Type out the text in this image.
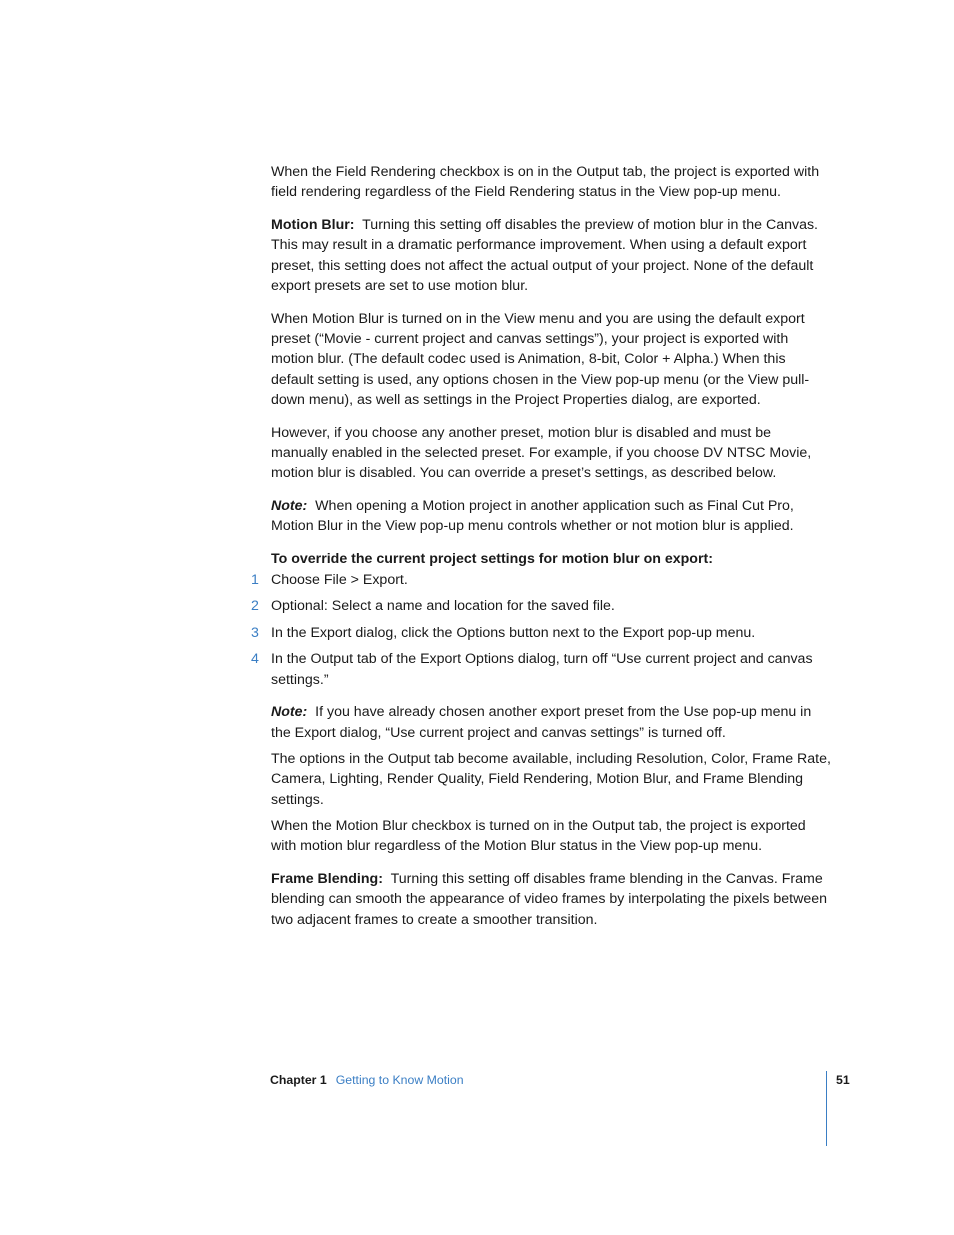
When the Field Rendering checkbox is on in the Output tab, the project is exported with field rendering regardless of the Field Rendering status in the View pop-up menu.

Motion Blur: Turning this setting off disables the preview of motion blur in the Canvas. This may result in a dramatic performance improvement. When using a default export preset, this setting does not affect the actual output of your project. None of the default export presets are set to use motion blur.

When Motion Blur is turned on in the View menu and you are using the default export preset (“Movie - current project and canvas settings”), your project is exported with motion blur. (The default codec used is Animation, 8-bit, Color + Alpha.) When this default setting is used, any options chosen in the View pop-up menu (or the View pull-down menu), as well as settings in the Project Properties dialog, are exported.

However, if you choose any another preset, motion blur is disabled and must be manually enabled in the selected preset. For example, if you choose DV NTSC Movie, motion blur is disabled. You can override a preset’s settings, as described below.

Note: When opening a Motion project in another application such as Final Cut Pro, Motion Blur in the View pop-up menu controls whether or not motion blur is applied.

To override the current project settings for motion blur on export:

1 Choose File > Export.
2 Optional: Select a name and location for the saved file.
3 In the Export dialog, click the Options button next to the Export pop-up menu.
4 In the Output tab of the Export Options dialog, turn off “Use current project and canvas settings.”

Note: If you have already chosen another export preset from the Use pop-up menu in the Export dialog, “Use current project and canvas settings” is turned off.

The options in the Output tab become available, including Resolution, Color, Frame Rate, Camera, Lighting, Render Quality, Field Rendering, Motion Blur, and Frame Blending settings.

When the Motion Blur checkbox is turned on in the Output tab, the project is exported with motion blur regardless of the Motion Blur status in the View pop-up menu.

Frame Blending: Turning this setting off disables frame blending in the Canvas. Frame blending can smooth the appearance of video frames by interpolating the pixels between two adjacent frames to create a smoother transition.

Chapter 1 Getting to Know Motion	51
